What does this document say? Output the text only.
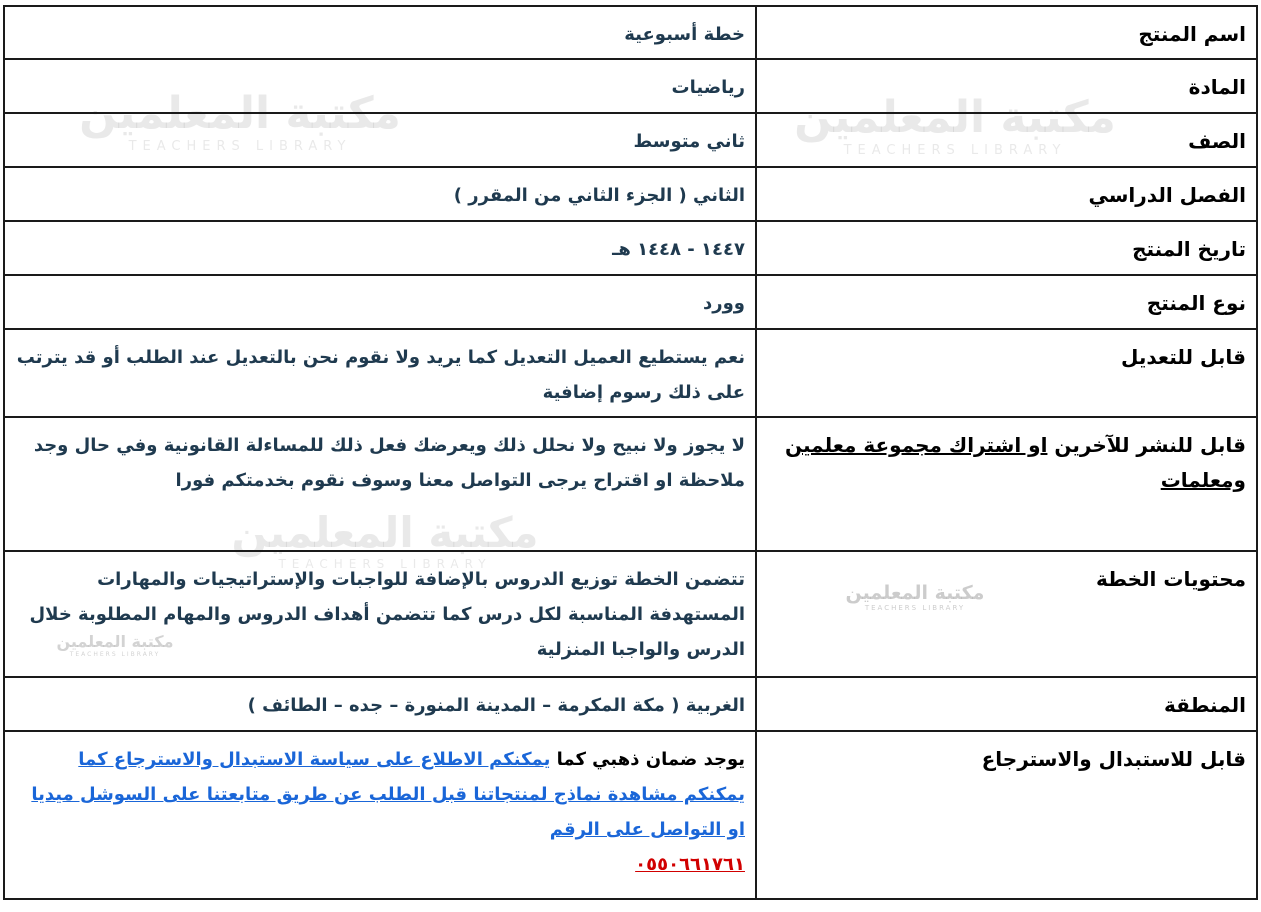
مكتبة المعلمين
TEACHERS LIBRARY
مكتبة المعلمين
TEACHERS LIBRARY
مكتبة المعلمين
TEACHERS LIBRARY
مكتبة المعلمين
TEACHERS LIBRARY
مكتبة المعلمين
TEACHERS LIBRARY
اسم المنتج	خطة أسبوعية
المادة	رياضيات
الصف	ثاني متوسط
الفصل الدراسي	الثاني ( الجزء الثاني من المقرر )
تاريخ المنتج	١٤٤٧ - ١٤٤٨ هـ
نوع المنتج	وورد
قابل للتعديل	نعم يستطيع العميل التعديل كما يريد ولا نقوم نحن بالتعديل عند الطلب أو قد يترتب على ذلك رسوم إضافية
قابل للنشر للآخرين او اشتراك مجموعة معلمين ومعلمات	لا يجوز ولا نبيح ولا نحلل ذلك ويعرضك فعل ذلك للمساءلة القانونية وفي حال وجد ملاحظة او اقتراح يرجى التواصل معنا وسوف نقوم بخدمتكم فورا
محتويات الخطة	تتضمن الخطة توزيع الدروس بالإضافة للواجبات والإستراتيجيات والمهارات المستهدفة المناسبة لكل درس كما تتضمن أهداف الدروس والمهام المطلوبة خلال الدرس والواجبا المنزلية
المنطقة	الغربية ( مكة المكرمة – المدينة المنورة – جده – الطائف )
قابل للاستبدال والاسترجاع	يوجد ضمان ذهبي كما يمكنكم الاطلاع على سياسة الاستبدال والاسترجاع كما يمكنكم مشاهدة نماذج لمنتجاتنا قبل الطلب عن طريق متابعتنا على السوشل ميديا او التواصل على الرقم
٠٥٥٠٦٦١٧٦١
